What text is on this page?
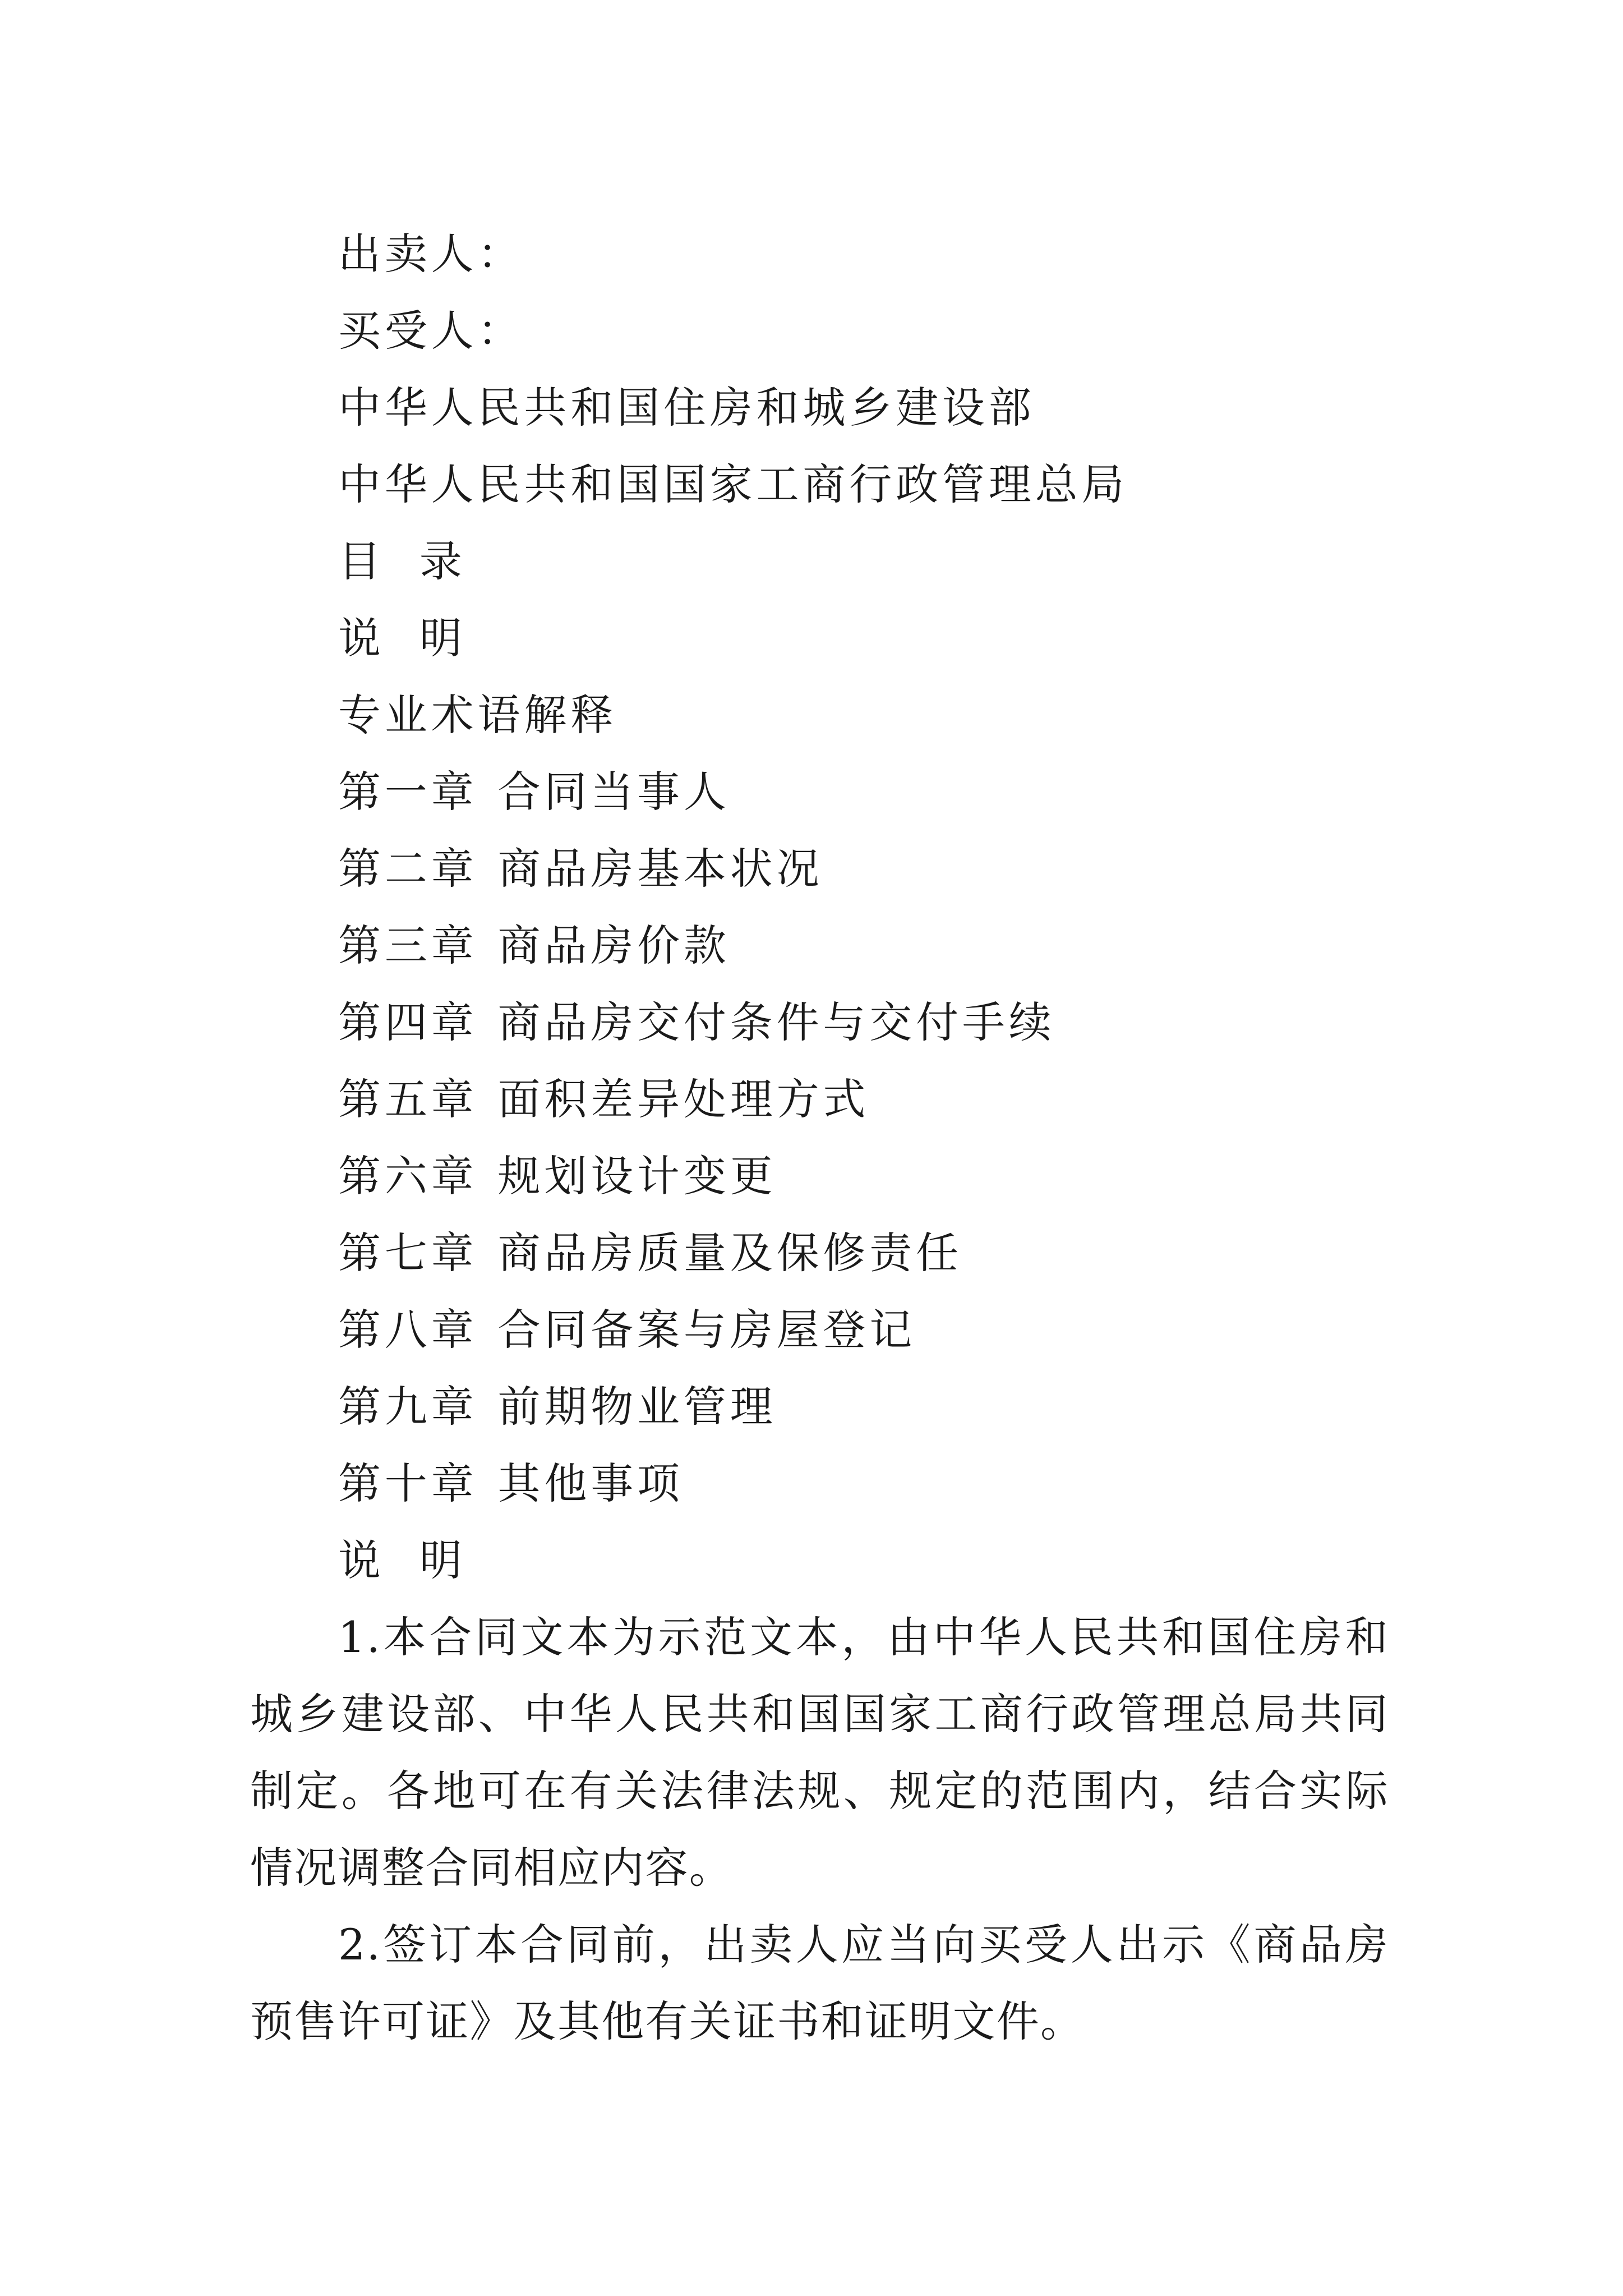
出卖人：
买受人：
中华人民共和国住房和城乡建设部
中华人民共和国国家工商行政管理总局
目  录
说  明
专业术语解释
第一章 合同当事人
第二章 商品房基本状况
第三章 商品房价款
第四章 商品房交付条件与交付手续
第五章 面积差异处理方式
第六章 规划设计变更
第七章 商品房质量及保修责任
第八章 合同备案与房屋登记
第九章 前期物业管理
第十章 其他事项
说  明

1.本合同文本为示范文本，由中华人民共和国住房和城乡建设部、中华人民共和国国家工商行政管理总局共同制定。各地可在有关法律法规、规定的范围内，结合实际情况调整合同相应内容。

2.签订本合同前，出卖人应当向买受人出示《商品房预售许可证》及其他有关证书和证明文件。
